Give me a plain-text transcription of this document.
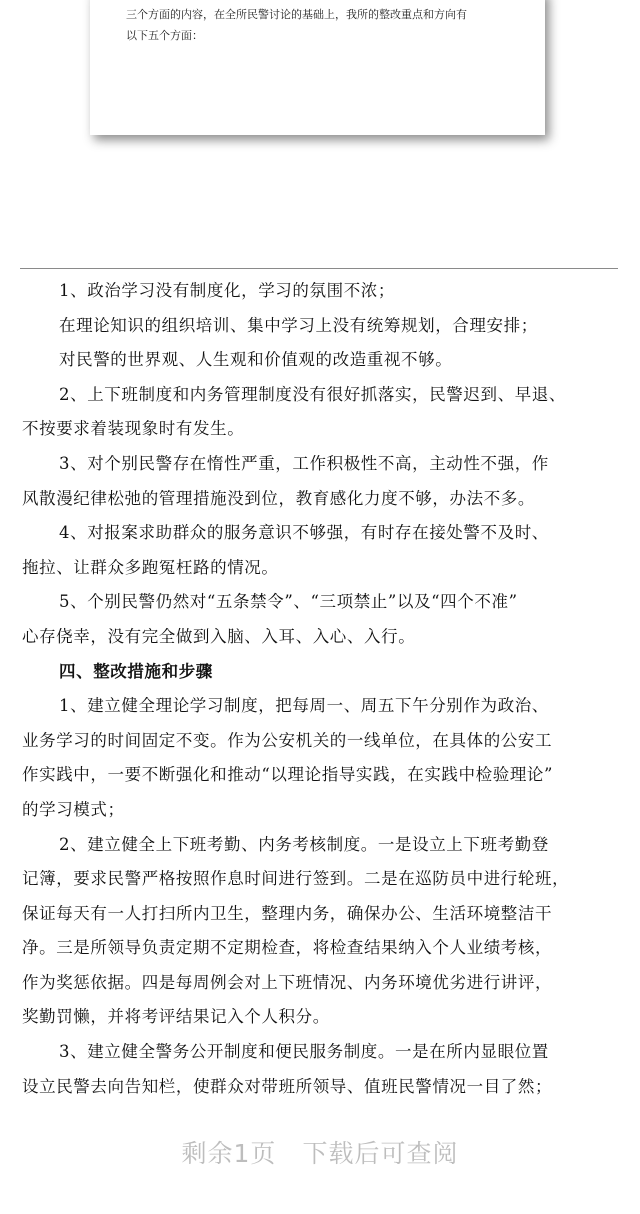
三个方面的内容，在全所民警讨论的基础上，我所的整改重点和方向有
以下五个方面：
1、政治学习没有制度化，学习的氛围不浓；
在理论知识的组织培训、集中学习上没有统筹规划，合理安排；
对民警的世界观、人生观和价值观的改造重视不够。
2、上下班制度和内务管理制度没有很好抓落实，民警迟到、早退、
不按要求着装现象时有发生。
3、对个别民警存在惰性严重，工作积极性不高，主动性不强，作
风散漫纪律松弛的管理措施没到位，教育感化力度不够，办法不多。
4、对报案求助群众的服务意识不够强，有时存在接处警不及时、
拖拉、让群众多跑冤枉路的情况。
5、个别民警仍然对“五条禁令”、“三项禁止”以及“四个不准”
心存侥幸，没有完全做到入脑、入耳、入心、入行。
四、整改措施和步骤
1、建立健全理论学习制度，把每周一、周五下午分别作为政治、
业务学习的时间固定不变。作为公安机关的一线单位，在具体的公安工
作实践中，一要不断强化和推动“以理论指导实践，在实践中检验理论”
的学习模式；
2、建立健全上下班考勤、内务考核制度。一是设立上下班考勤登
记簿，要求民警严格按照作息时间进行签到。二是在巡防员中进行轮班，
保证每天有一人打扫所内卫生，整理内务，确保办公、生活环境整洁干
净。三是所领导负责定期不定期检查，将检查结果纳入个人业绩考核，
作为奖惩依据。四是每周例会对上下班情况、内务环境优劣进行讲评，
奖勤罚懒，并将考评结果记入个人积分。
3、建立健全警务公开制度和便民服务制度。一是在所内显眼位置
设立民警去向告知栏，使群众对带班所领导、值班民警情况一目了然；
剩余1页 下载后可查阅
